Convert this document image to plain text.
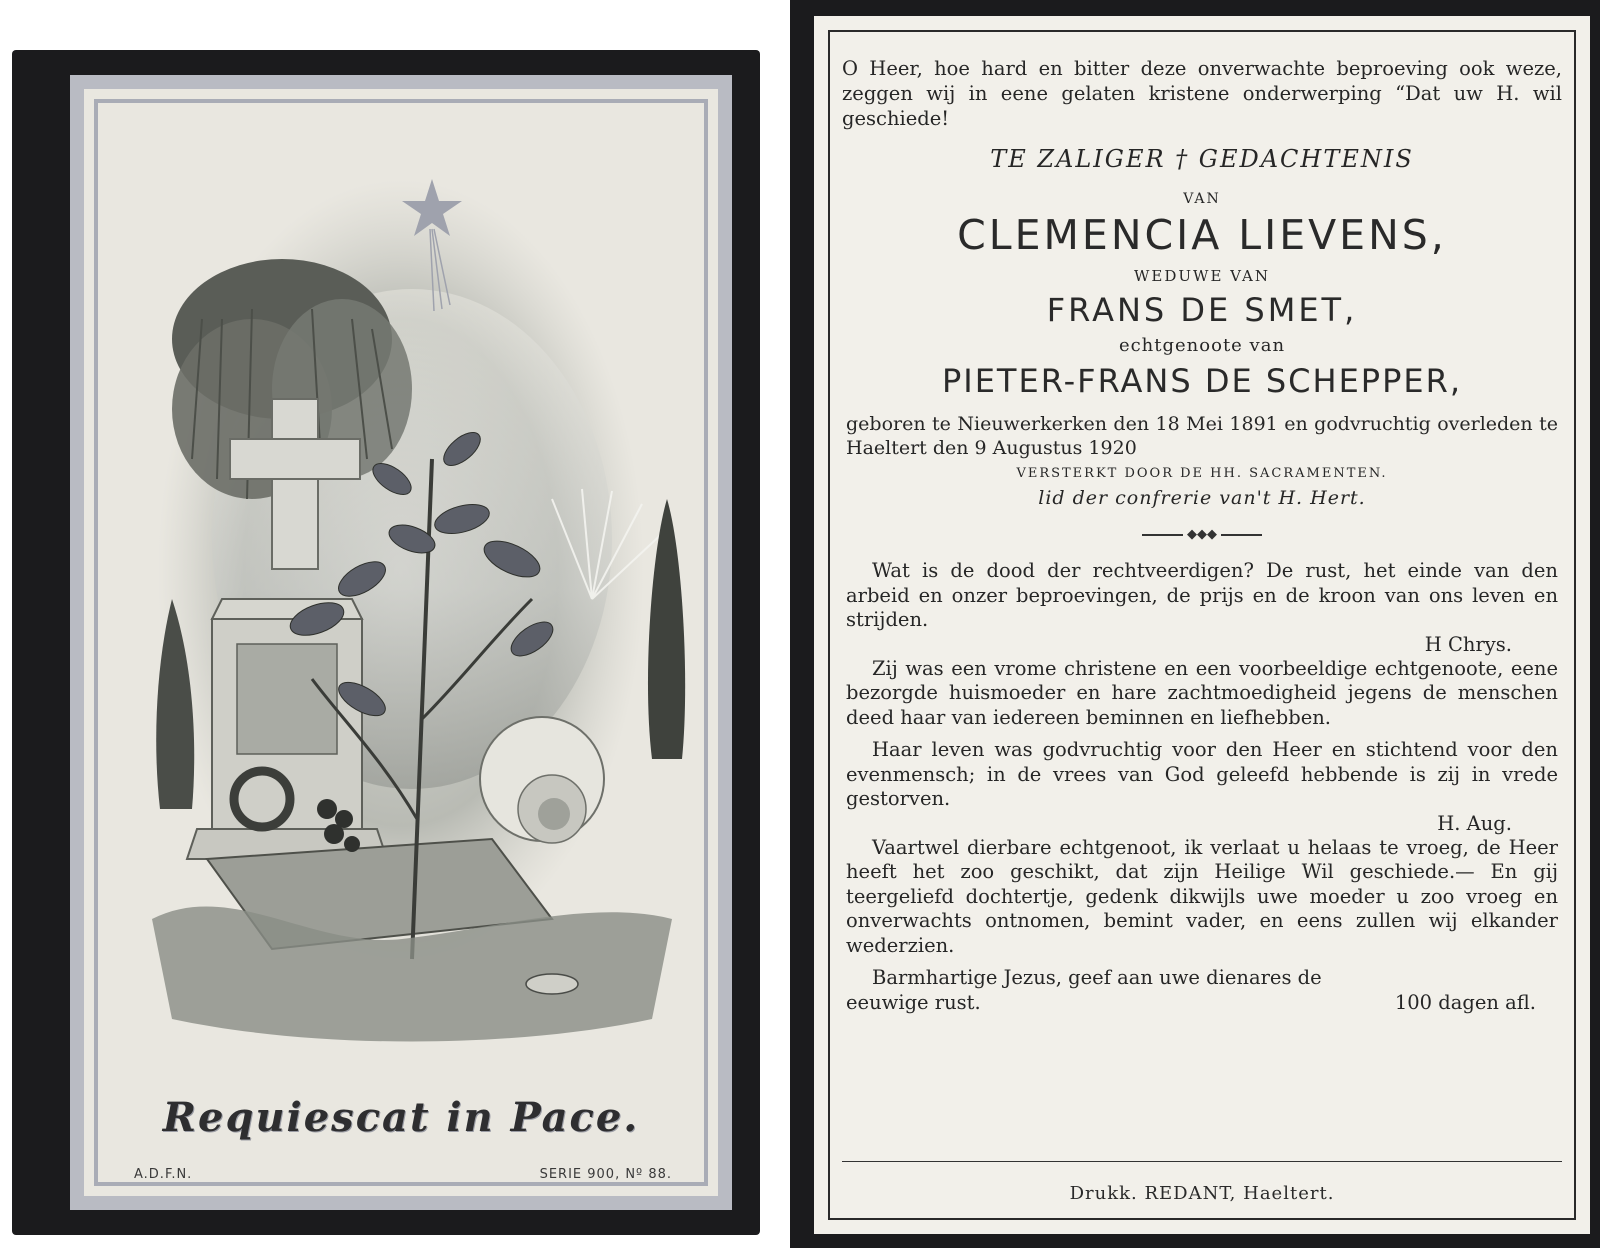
Requiescat in Pace.
A.D.F.N.	SERIE 900, Nº 88.

O Heer, hoe hard en bitter deze onverwachte beproeving ook weze, zeggen wij in eene gelaten kristene onderwerping “Dat uw H. wil geschiede!

TE ZALIGER † GEDACHTENIS
VAN
CLEMENCIA LIEVENS,
WEDUWE VAN
FRANS DE SMET,
echtgenoote van
PIETER-FRANS DE SCHEPPER,
geboren te Nieuwerkerken den 18 Mei 1891 en godvruchtig overleden te Haeltert den 9 Augustus 1920
VERSTERKT DOOR DE HH. SACRAMENTEN.
lid der confrerie van't H. Hert.
◆◆◆

Wat is de dood der rechtveerdigen? De rust, het einde van den arbeid en onzer beproevingen, de prijs en de kroon van ons leven en strijden.

H Chrys.

Zij was een vrome christene en een voorbeeldige echtgenoote, eene bezorgde huismoeder en hare zachtmoedigheid jegens de menschen deed haar van iedereen beminnen en liefhebben.

Haar leven was godvruchtig voor den Heer en stichtend voor den evenmensch; in de vrees van God geleefd hebbende is zij in vrede gestorven.

H. Aug.

Vaartwel dierbare echtgenoot, ik verlaat u helaas te vroeg, de Heer heeft het zoo geschikt, dat zijn Heilige Wil geschiede.— En gij teergeliefd dochtertje, gedenk dikwijls uwe moeder u zoo vroeg en onverwachts ontnomen, bemint vader, en eens zullen wij elkander wederzien.

Barmhartige Jezus, geef aan uwe dienares de

eeuwige rust.	100 dagen afl.
Drukk. REDANT, Haeltert.
